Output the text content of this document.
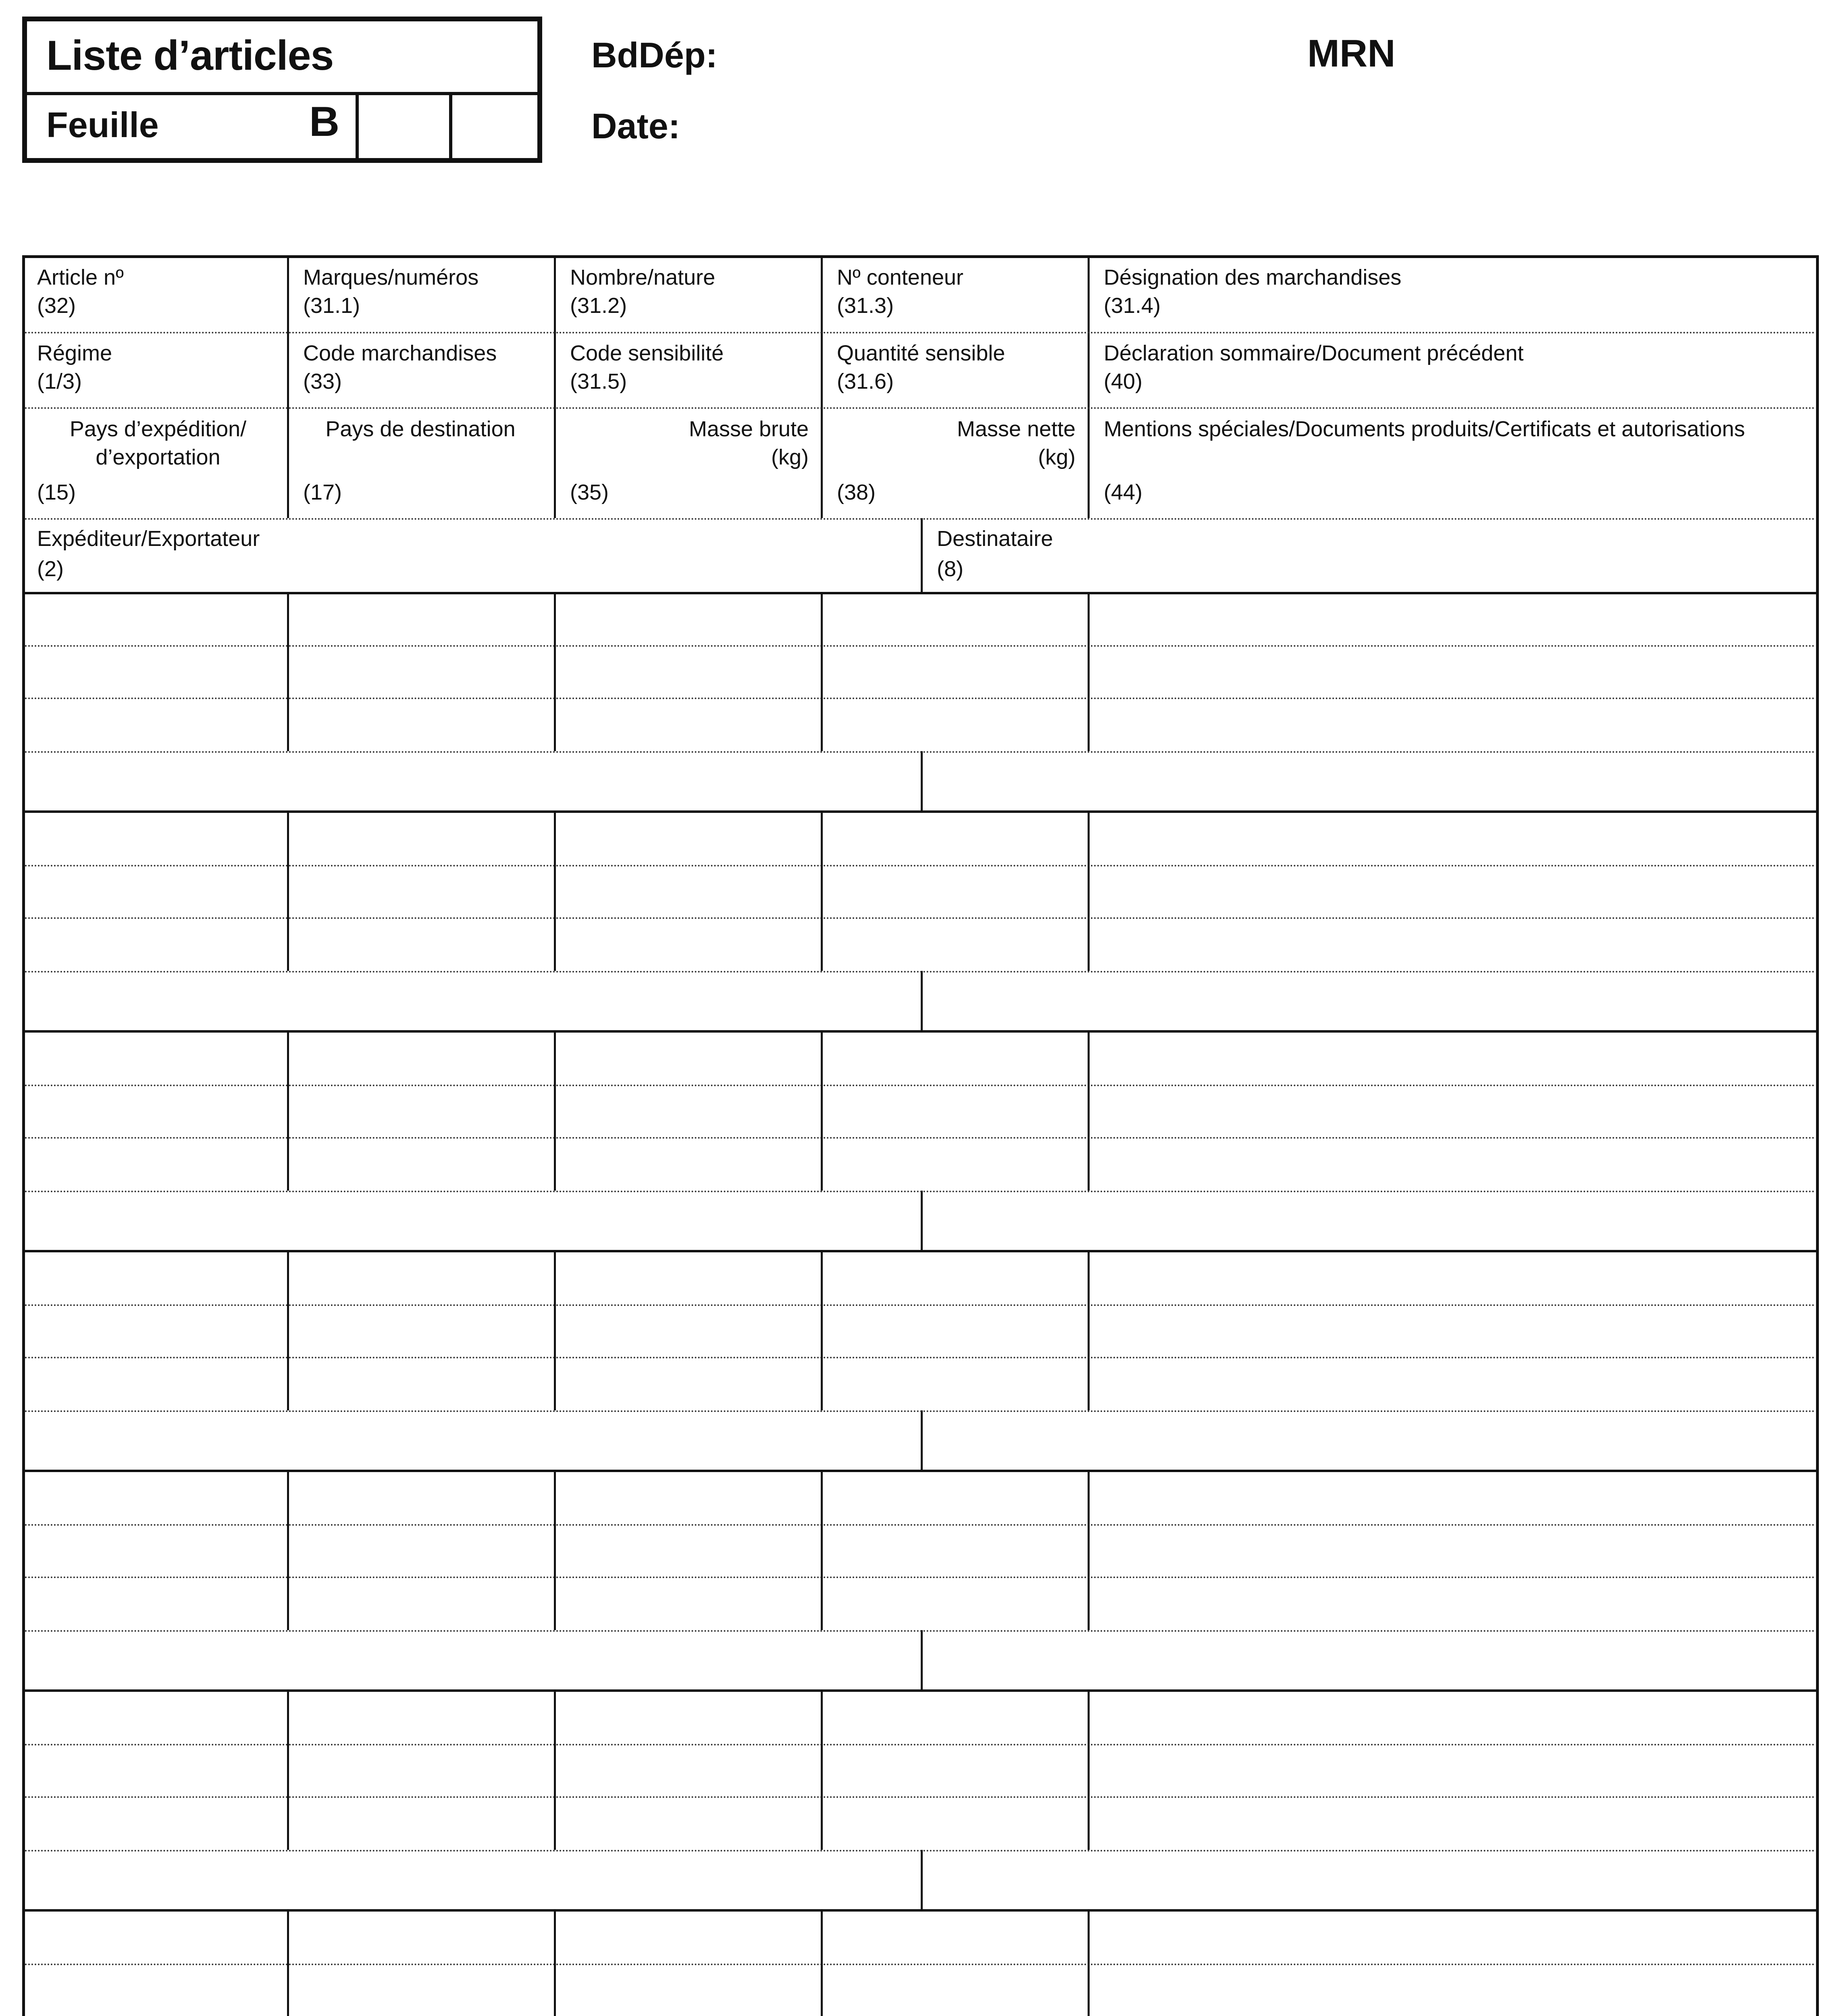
Liste d’articles
Feuille	B
BdDép:
Date:
MRN
Article nº
(32)
Marques/numéros
(31.1)
Nombre/nature
(31.2)
Nº conteneur
(31.3)
Désignation des marchandises
(31.4)
Régime
(1/3)
Code marchandises
(33)
Code sensibilité
(31.5)
Quantité sensible
(31.6)
Déclaration sommaire/Document précédent
(40)
Pays d’expédition/
d’exportation
(15)
Pays de destination
(17)
Masse brute
(kg)
(35)
Masse nette
(kg)
(38)
Mentions spéciales/Documents produits/Certificats et autorisations
(44)
Expéditeur/Exportateur
(2)
Destinataire
(8)
